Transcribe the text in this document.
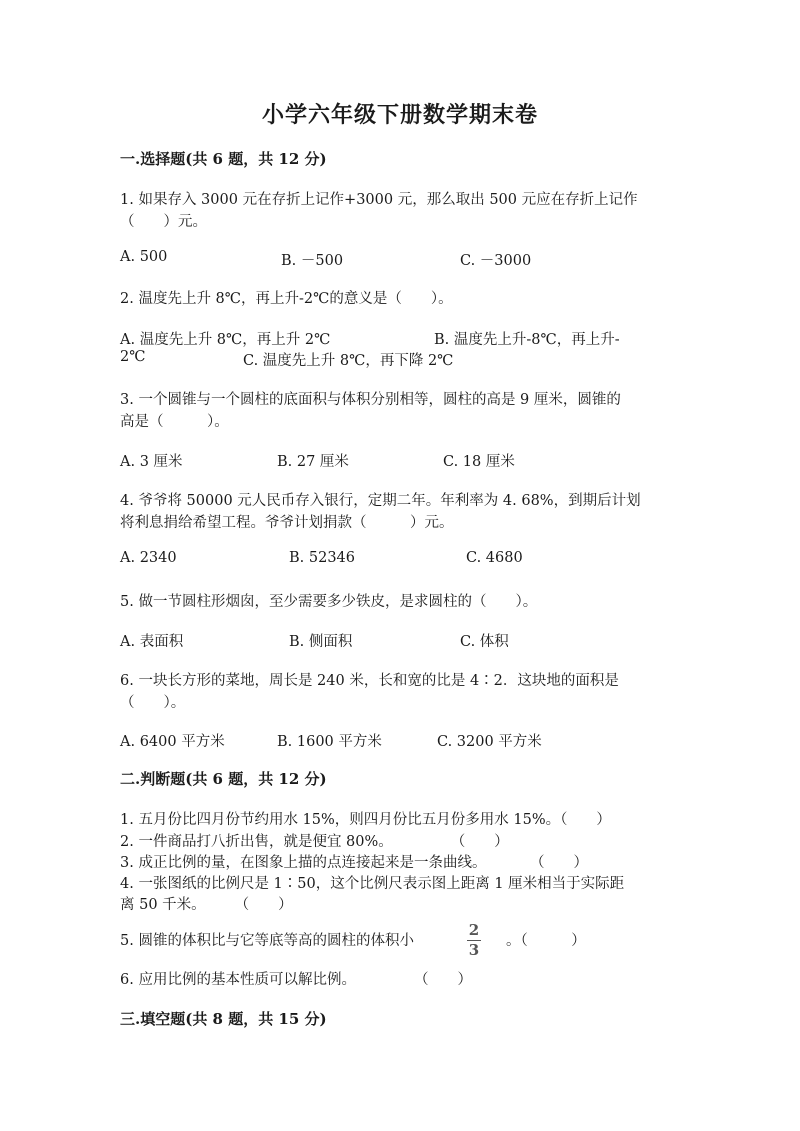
小学六年级下册数学期末卷
一.选择题(共 6 题，共 12 分)
1. 如果存入 3000 元在存折上记作+3000 元，那么取出 500 元应在存折上记作
（　　）元。
A. 500	B. －500	C. －3000
2. 温度先上升 8℃，再上升-2℃的意义是（　　）。
A. 温度先上升 8℃，再上升 2℃	B. 温度先上升-8℃，再上升-
2℃	C. 温度先上升 8℃，再下降 2℃
3. 一个圆锥与一个圆柱的底面积与体积分别相等，圆柱的高是 9 厘米，圆锥的
高是（　　　）。
A. 3 厘米	B. 27 厘米	C. 18 厘米
4. 爷爷将 50000 元人民币存入银行，定期二年。年利率为 4. 68%，到期后计划
将利息捐给希望工程。爷爷计划捐款（　　　）元。
A. 2340	B. 52346	C. 4680
5. 做一节圆柱形烟囱，至少需要多少铁皮，是求圆柱的（　　）。
A. 表面积	B. 侧面积	C. 体积
6. 一块长方形的菜地，周长是 240 米，长和宽的比是 4∶2．这块地的面积是
（　　）。
A. 6400 平方米	B. 1600 平方米	C. 3200 平方米
二.判断题(共 6 题，共 12 分)
1. 五月份比四月份节约用水 15%，则四月份比五月份多用水 15%。（　　）
2. 一件商品打八折出售，就是便宜 80%。　　　　　（　　）
3. 成正比例的量，在图象上描的点连接起来是一条曲线。　　　　（　　）
4. 一张图纸的比例尺是 1∶50，这个比例尺表示图上距离 1 厘米相当于实际距
离 50 千米。　　　（　　）
5. 圆锥的体积比与它等底等高的圆柱的体积小
2
3 。（　　　）
6. 应用比例的基本性质可以解比例。　　　　　（　　）
三.填空题(共 8 题，共 15 分)
